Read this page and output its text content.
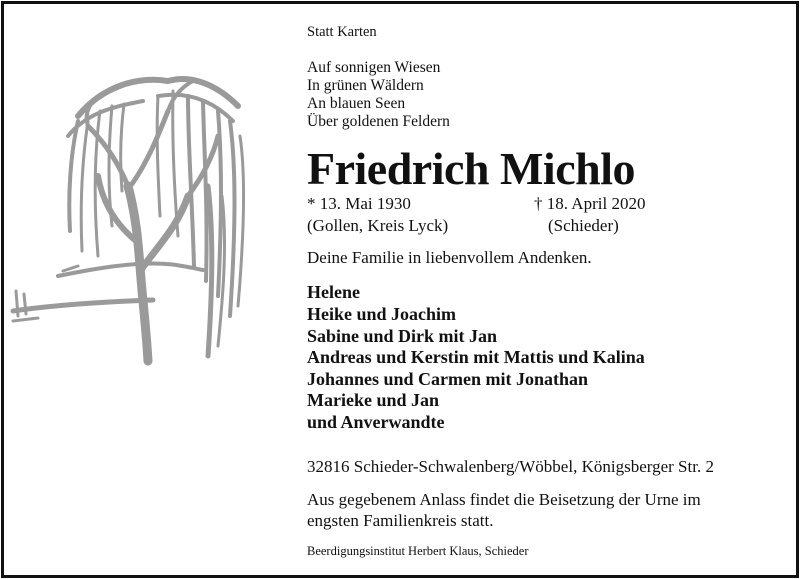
Statt Karten
Auf sonnigen Wiesen
In grünen Wäldern
An blauen Seen
Über goldenen Feldern
Friedrich Michlo
* 13. Mai 1930	† 18. April 2020
(Gollen, Kreis Lyck)	(Schieder)
Deine Familie in liebenvollem Andenken.
Helene
Heike und Joachim
Sabine und Dirk mit Jan
Andreas und Kerstin mit Mattis und Kalina
Johannes und Carmen mit Jonathan
Marieke und Jan
und Anverwandte
32816 Schieder-Schwalenberg/Wöbbel, Königsberger Str. 2
Aus gegebenem Anlass findet die Beisetzung der Urne im
engsten Familienkreis statt.
Beerdigungsinstitut Herbert Klaus, Schieder
